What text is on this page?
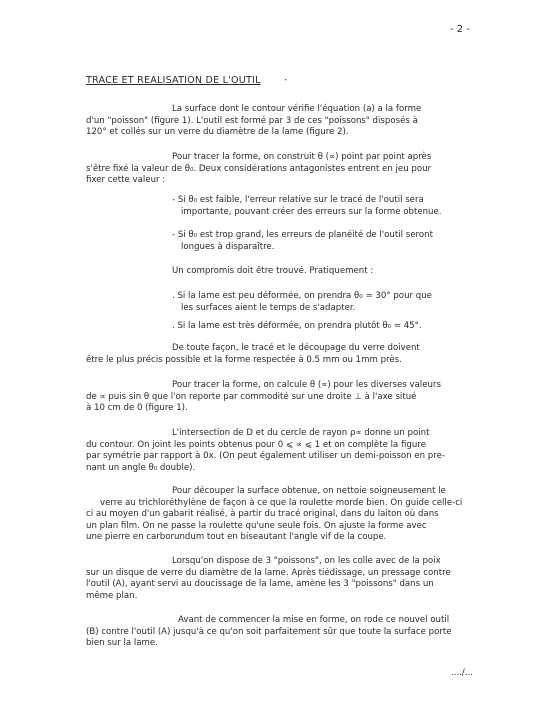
- 2 -
TRACE ET REALISATION DE L'OUTIL	-
La surface dont le contour vérifie l'équation (a) a la forme
d'un "poisson" (figure 1). L'outil est formé par 3 de ces "poissons" disposés à
120° et collés sur un verre du diamètre de la lame (figure 2).
Pour tracer la forme, on construit θ (∝) point par point après
s'être fixé la valeur de θ₀. Deux considérations antagonistes entrent en jeu pour
fixer cette valeur :
- Si θ₀ est faible, l'erreur relative sur le tracé de l'outil sera
importante, pouvant créer des erreurs sur la forme obtenue.
- Si θ₀ est trop grand, les erreurs de planéité de l'outil seront
longues à disparaître.
Un compromis doit être trouvé. Pratiquement :
. Si la lame est peu déformée, on prendra θ₀ ≃ 30° pour que
les surfaces aient le temps de s'adapter.
. Si la lame est très déformée, on prendra plutôt θ₀ ≃ 45°.
De toute façon, le tracé et le découpage du verre doivent
être le plus précis possible et la forme respectée à 0.5 mm ou 1mm près.
Pour tracer la forme, on calcule θ (∝) pour les diverses valeurs
de ∝ puis sin θ que l'on reporte par commodité sur une droite ⊥ à l'axe situé
à 10 cm de 0 (figure 1).
L'intersection de D et du cercle de rayon ρ∝ donne un point
du contour. On joint les points obtenus pour 0 ⩽ ∝ ⩽ 1 et on complète la figure
par symétrie par rapport à 0x. (On peut également utiliser un demi-poisson en pre-
nant un angle θ₀ double).
Pour découper la surface obtenue, on nettoie soigneusement le
verre au trichloréthylène de façon à ce que la roulette morde bien. On guide celle-ci
ci au moyen d'un gabarit réalisé, à partir du tracé original, dans du laiton où dans
un plan film. On ne passe la roulette qu'une seule fois. On ajuste la forme avec
une pierre en carborundum tout en biseautant l'angle vif de la coupe.
Lorsqu'on dispose de 3 "poissons", on les colle avec de la poix
sur un disque de verre du diamètre de la lame. Après tiédissage, un pressage contre
l'outil (A), ayant servi au doucissage de la lame, amène les 3 "poissons" dans un
même plan.
Avant de commencer la mise en forme, on rode ce nouvel outil
(B) contre l'outil (A) jusqu'à ce qu'on soit parfaitement sûr que toute la surface porte
bien sur la lame.
..../...
